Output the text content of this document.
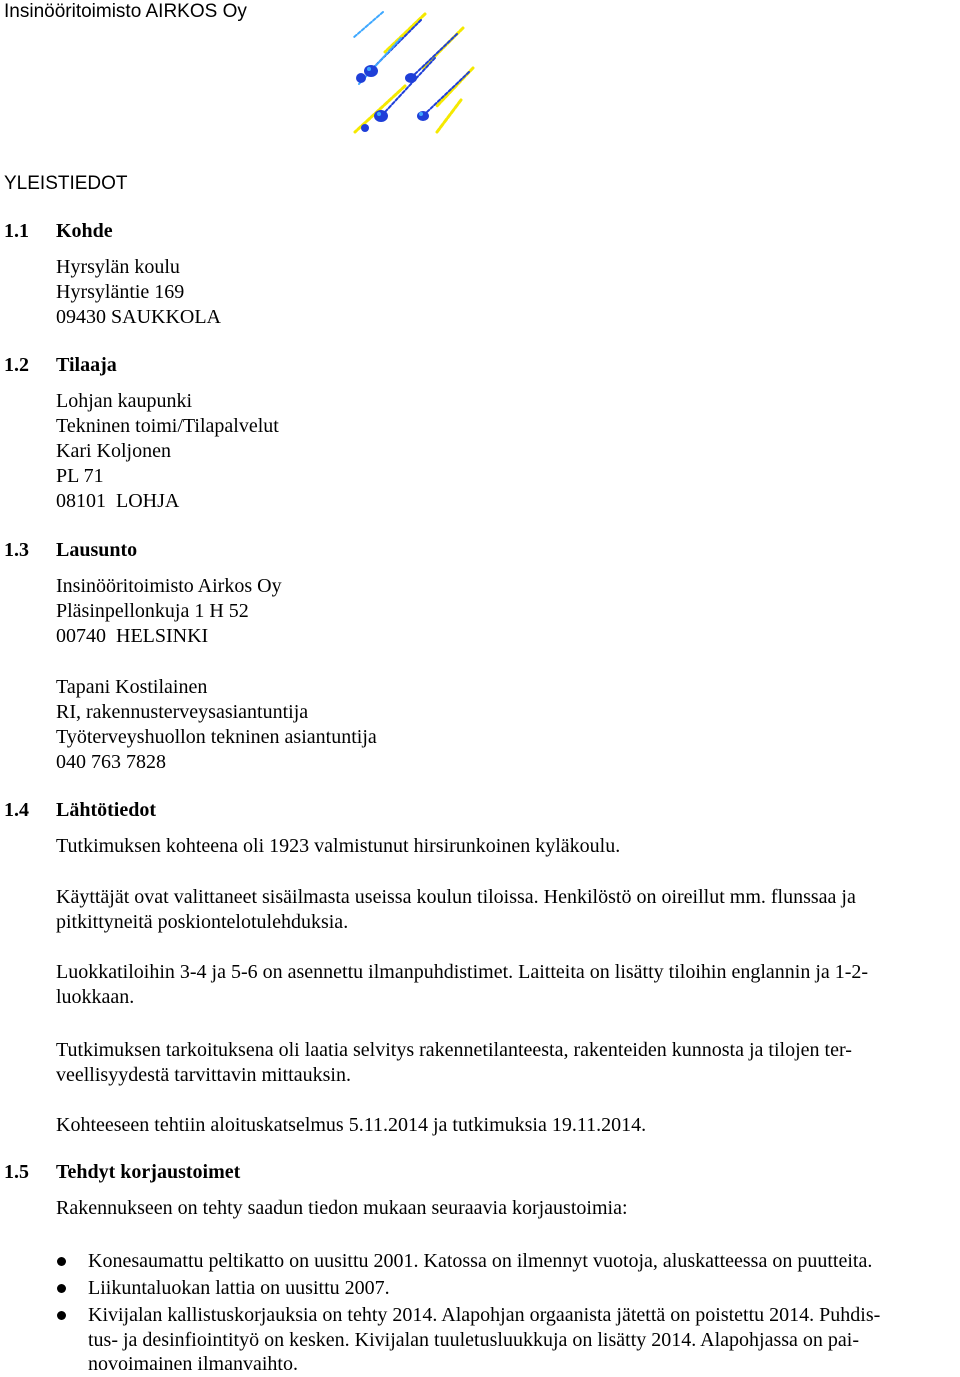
Insinööritoimisto AIRKOS Oy
YLEISTIEDOT
1.1 Kohde
Hyrsylän koulu
Hyrsyläntie 169
09430 SAUKKOLA
1.2 Tilaaja
Lohjan kaupunki
Tekninen toimi/Tilapalvelut
Kari Koljonen
PL 71
08101  LOHJA
1.3 Lausunto
Insinööritoimisto Airkos Oy
Pläsinpellonkuja 1 H 52
00740  HELSINKI
Tapani Kostilainen
RI, rakennusterveysasiantuntija
Työterveyshuollon tekninen asiantuntija
040 763 7828
1.4 Lähtötiedot
Tutkimuksen kohteena oli 1923 valmistunut hirsirunkoinen kyläkoulu.
Käyttäjät ovat valittaneet sisäilmasta useissa koulun tiloissa. Henkilöstö on oireillut mm. flunssaa ja
pitkittyneitä poskiontelotulehduksia.
Luokkatiloihin 3-4 ja 5-6 on asennettu ilmanpuhdistimet. Laitteita on lisätty tiloihin englannin ja 1-2-
luokkaan.
Tutkimuksen tarkoituksena oli laatia selvitys rakennetilanteesta, rakenteiden kunnosta ja tilojen ter-
veellisyydestä tarvittavin mittauksin.
Kohteeseen tehtiin aloituskatselmus 5.11.2014 ja tutkimuksia 19.11.2014.
1.5 Tehdyt korjaustoimet
Rakennukseen on tehty saadun tiedon mukaan seuraavia korjaustoimia:
Konesaumattu peltikatto on uusittu 2001. Katossa on ilmennyt vuotoja, aluskatteessa on puutteita.
Liikuntaluokan lattia on uusittu 2007.
Kivijalan kallistuskorjauksia on tehty 2014. Alapohjan orgaanista jätettä on poistettu 2014. Puhdis-
tus- ja desinfiointityö on kesken. Kivijalan tuuletusluukkuja on lisätty 2014. Alapohjassa on pai-
novoimainen ilmanvaihto.
